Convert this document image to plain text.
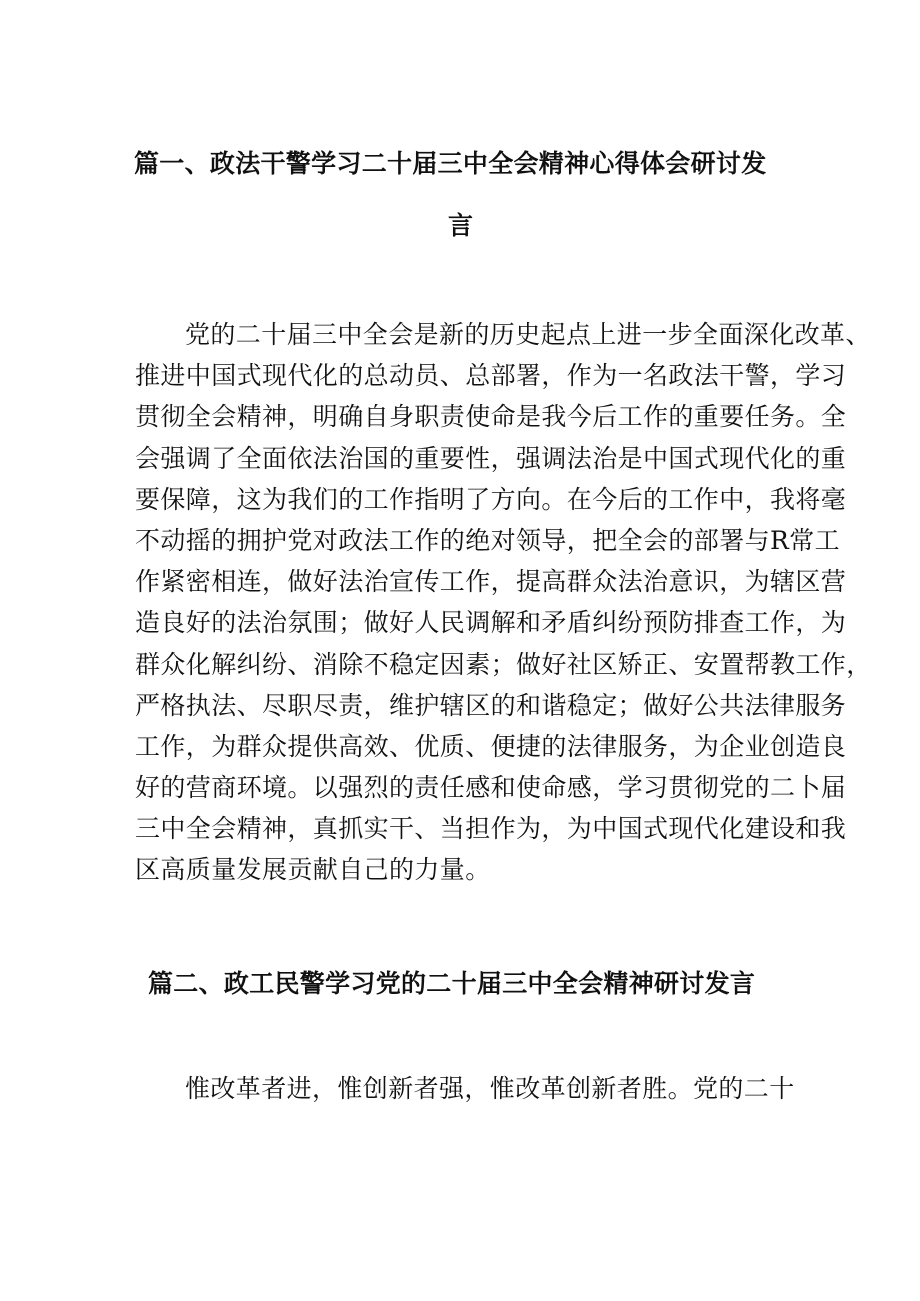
篇一、政法干警学习二十届三中全会精神心得体会研讨发
言
党的二十届三中全会是新的历史起点上进一步全面深化改革、
推进中国式现代化的总动员、总部署，作为一名政法干警，学习
贯彻全会精神，明确自身职责使命是我今后工作的重要任务。全
会强调了全面依法治国的重要性，强调法治是中国式现代化的重
要保障，这为我们的工作指明了方向。在今后的工作中，我将毫
不动摇的拥护党对政法工作的绝对领导，把全会的部署与R常工
作紧密相连，做好法治宣传工作，提高群众法治意识，为辖区营
造良好的法治氛围；做好人民调解和矛盾纠纷预防排查工作，为
群众化解纠纷、消除不稳定因素；做好社区矫正、安置帮教工作，
严格执法、尽职尽责，维护辖区的和谐稳定；做好公共法律服务
工作，为群众提供高效、优质、便捷的法律服务，为企业创造良
好的营商环境。以强烈的责任感和使命感，学习贯彻党的二卜届
三中全会精神，真抓实干、当担作为，为中国式现代化建设和我
区高质量发展贡献自己的力量。
篇二、政工民警学习党的二十届三中全会精神研讨发言
惟改革者进，惟创新者强，惟改革创新者胜。党的二十
